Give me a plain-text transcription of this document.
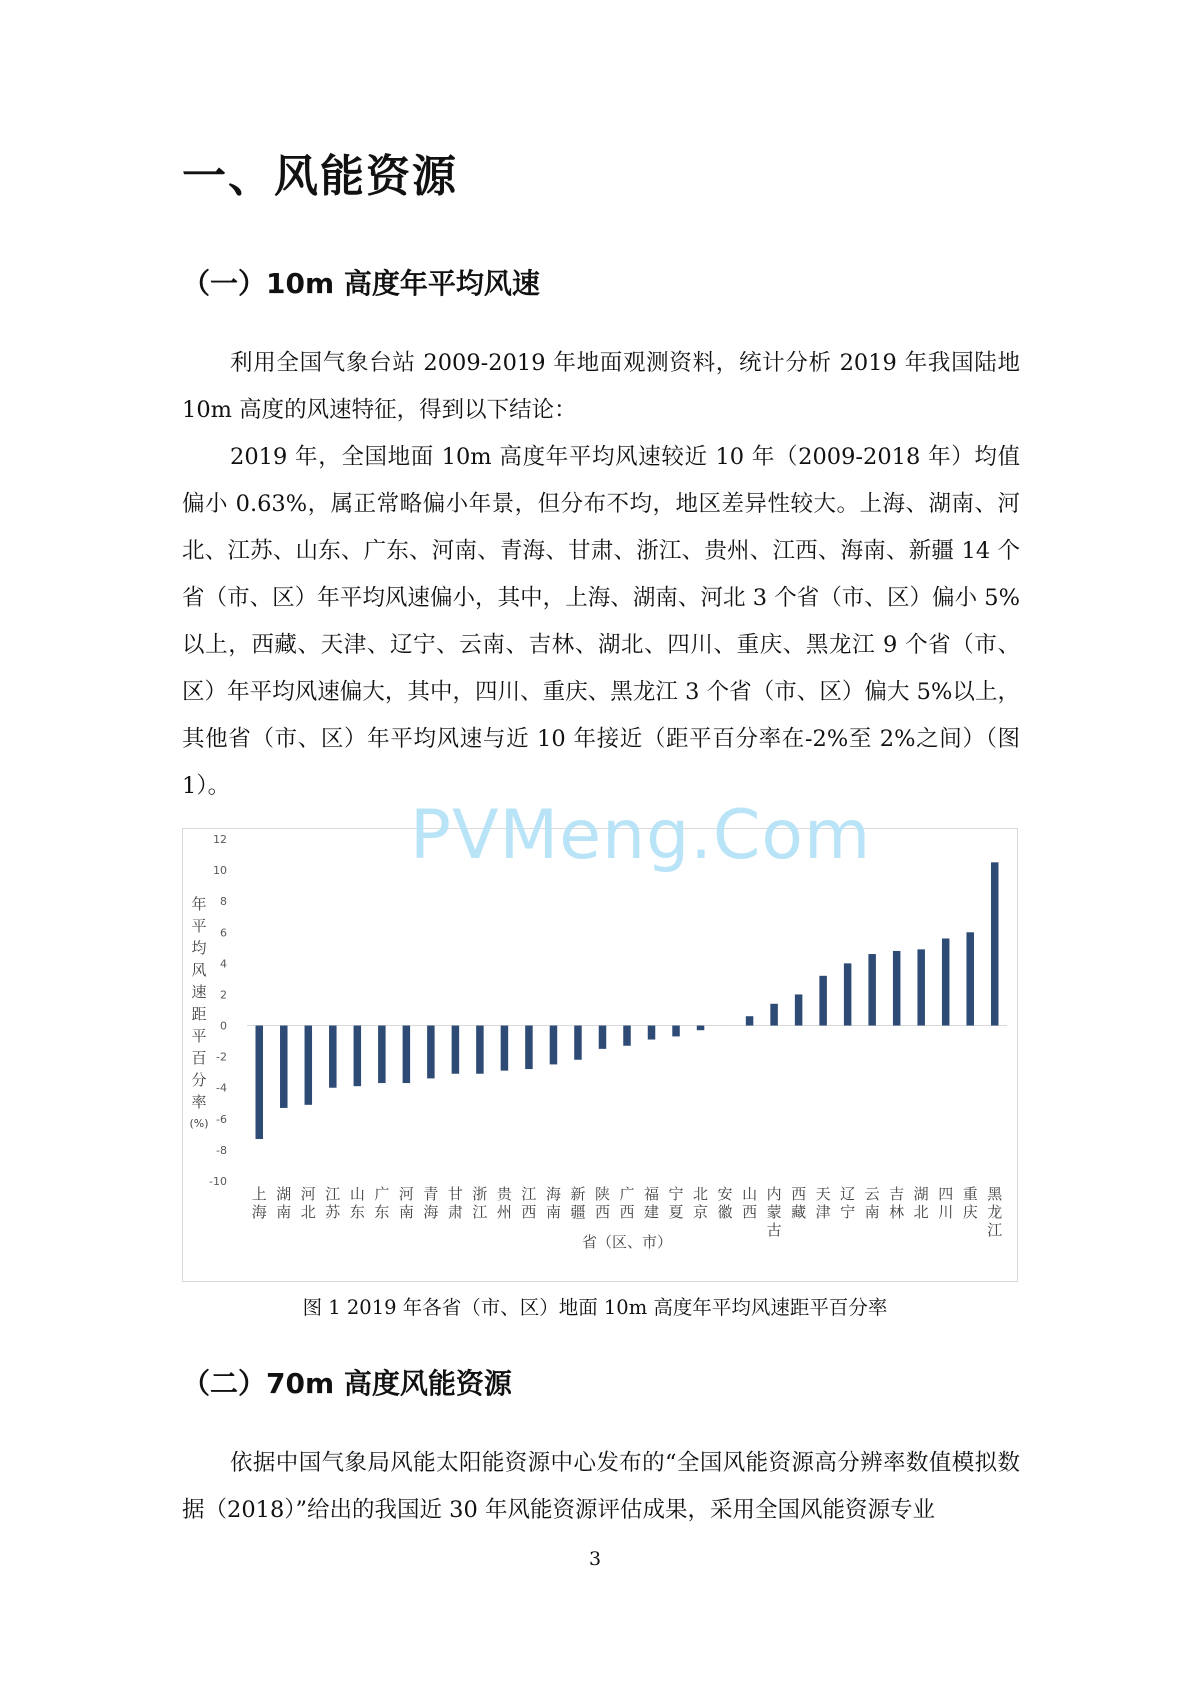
一、风能资源
（一）10m 高度年平均风速

利用全国气象台站 2009-2019 年地面观测资料，统计分析 2019 年我国陆地 10m 高度的风速特征，得到以下结论：

2019 年，全国地面 10m 高度年平均风速较近 10 年（2009-2018 年）均值偏小 0.63%，属正常略偏小年景，但分布不均，地区差异性较大。上海、湖南、河北、江苏、山东、广东、河南、青海、甘肃、浙江、贵州、江西、海南、新疆 14 个省（市、区）年平均风速偏小，其中，上海、湖南、河北 3 个省（市、区）偏小 5%以上，西藏、天津、辽宁、云南、吉林、湖北、四川、重庆、黑龙江 9 个省（市、区）年平均风速偏大，其中，四川、重庆、黑龙江 3 个省（市、区）偏大 5%以上，其他省（市、区）年平均风速与近 10 年接近（距平百分率在-2%至 2%之间）（图 1）。

12
10
8
6
4
2
0
-2
-4
-6
-8
-10
年
平
均
风
速
距
平
百
分
率
(%)
上海
湖南
河北
江苏
山东
广东
河南
青海
甘肃
浙江
贵州
江西
海南
新疆
陕西
广西
福建
宁夏
北京
安徽
山西
内蒙古
西藏
天津
辽宁
云南
吉林
湖北
四川
重庆
黑龙江
省（区、市）
PVMeng.Com

图 1 2019 年各省（市、区）地面 10m 高度年平均风速距平百分率

（二）70m 高度风能资源

依据中国气象局风能太阳能资源中心发布的“全国风能资源高分辨率数值模拟数据（2018）”给出的我国近 30 年风能资源评估成果，采用全国风能资源专业

3
